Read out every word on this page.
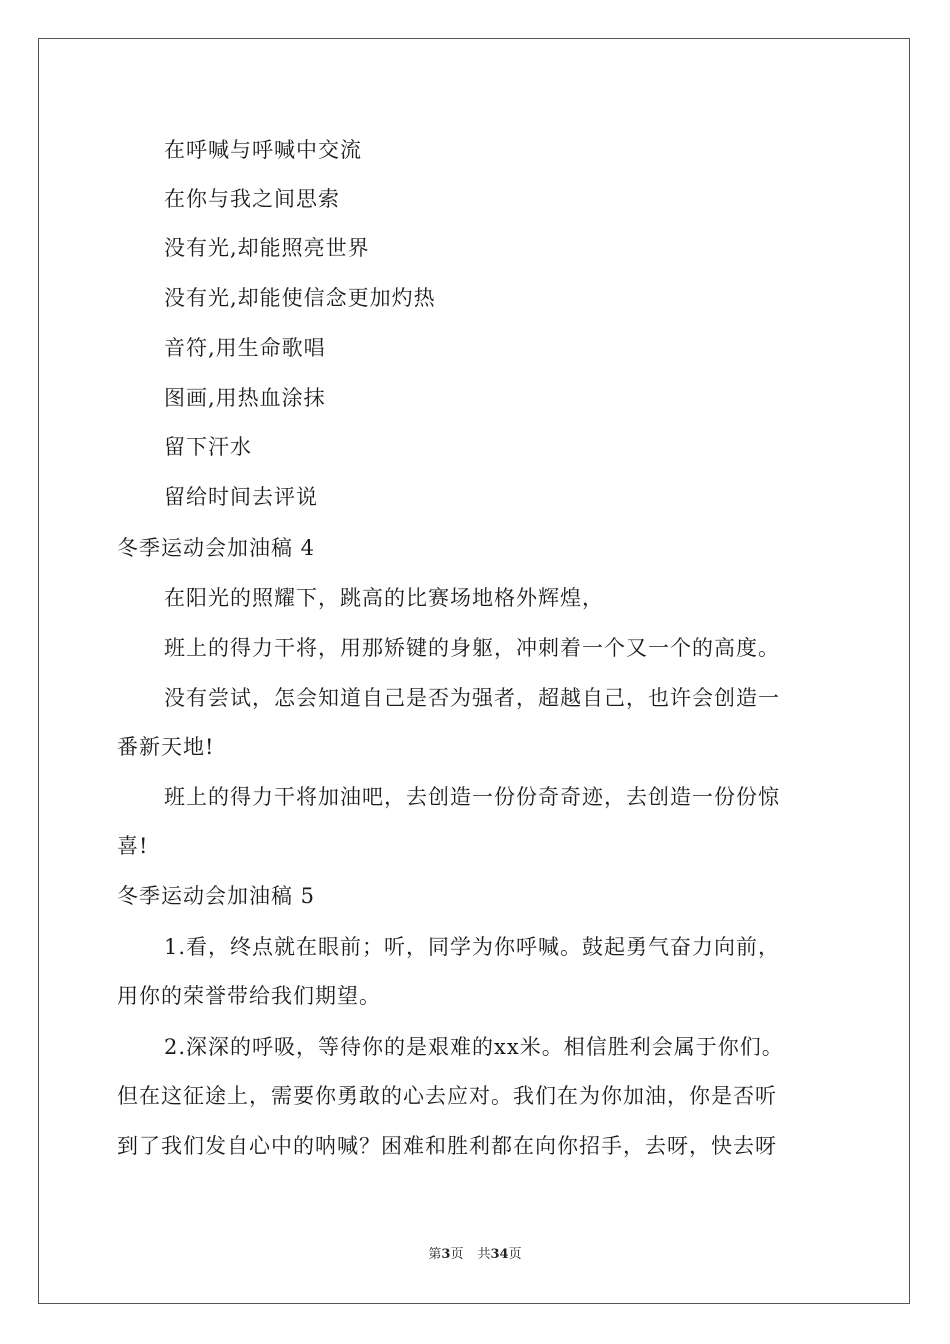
在呼喊与呼喊中交流
在你与我之间思索
没有光,却能照亮世界
没有光,却能使信念更加灼热
音符,用生命歌唱
图画,用热血涂抹
留下汗水
留给时间去评说
冬季运动会加油稿 4
在阳光的照耀下，跳高的比赛场地格外辉煌，
班上的得力干将，用那矫键的身躯，冲刺着一个又一个的高度。
没有尝试，怎会知道自己是否为强者，超越自己，也许会创造一
番新天地!
班上的得力干将加油吧，去创造一份份奇奇迹，去创造一份份惊
喜!
冬季运动会加油稿 5
1.看，终点就在眼前；听，同学为你呼喊。鼓起勇气奋力向前，
用你的荣誉带给我们期望。
2.深深的呼吸，等待你的是艰难的xx米。相信胜利会属于你们。
但在这征途上，需要你勇敢的心去应对。我们在为你加油，你是否听
到了我们发自心中的呐喊？困难和胜利都在向你招手，去呀，快去呀
第3页 共34页
